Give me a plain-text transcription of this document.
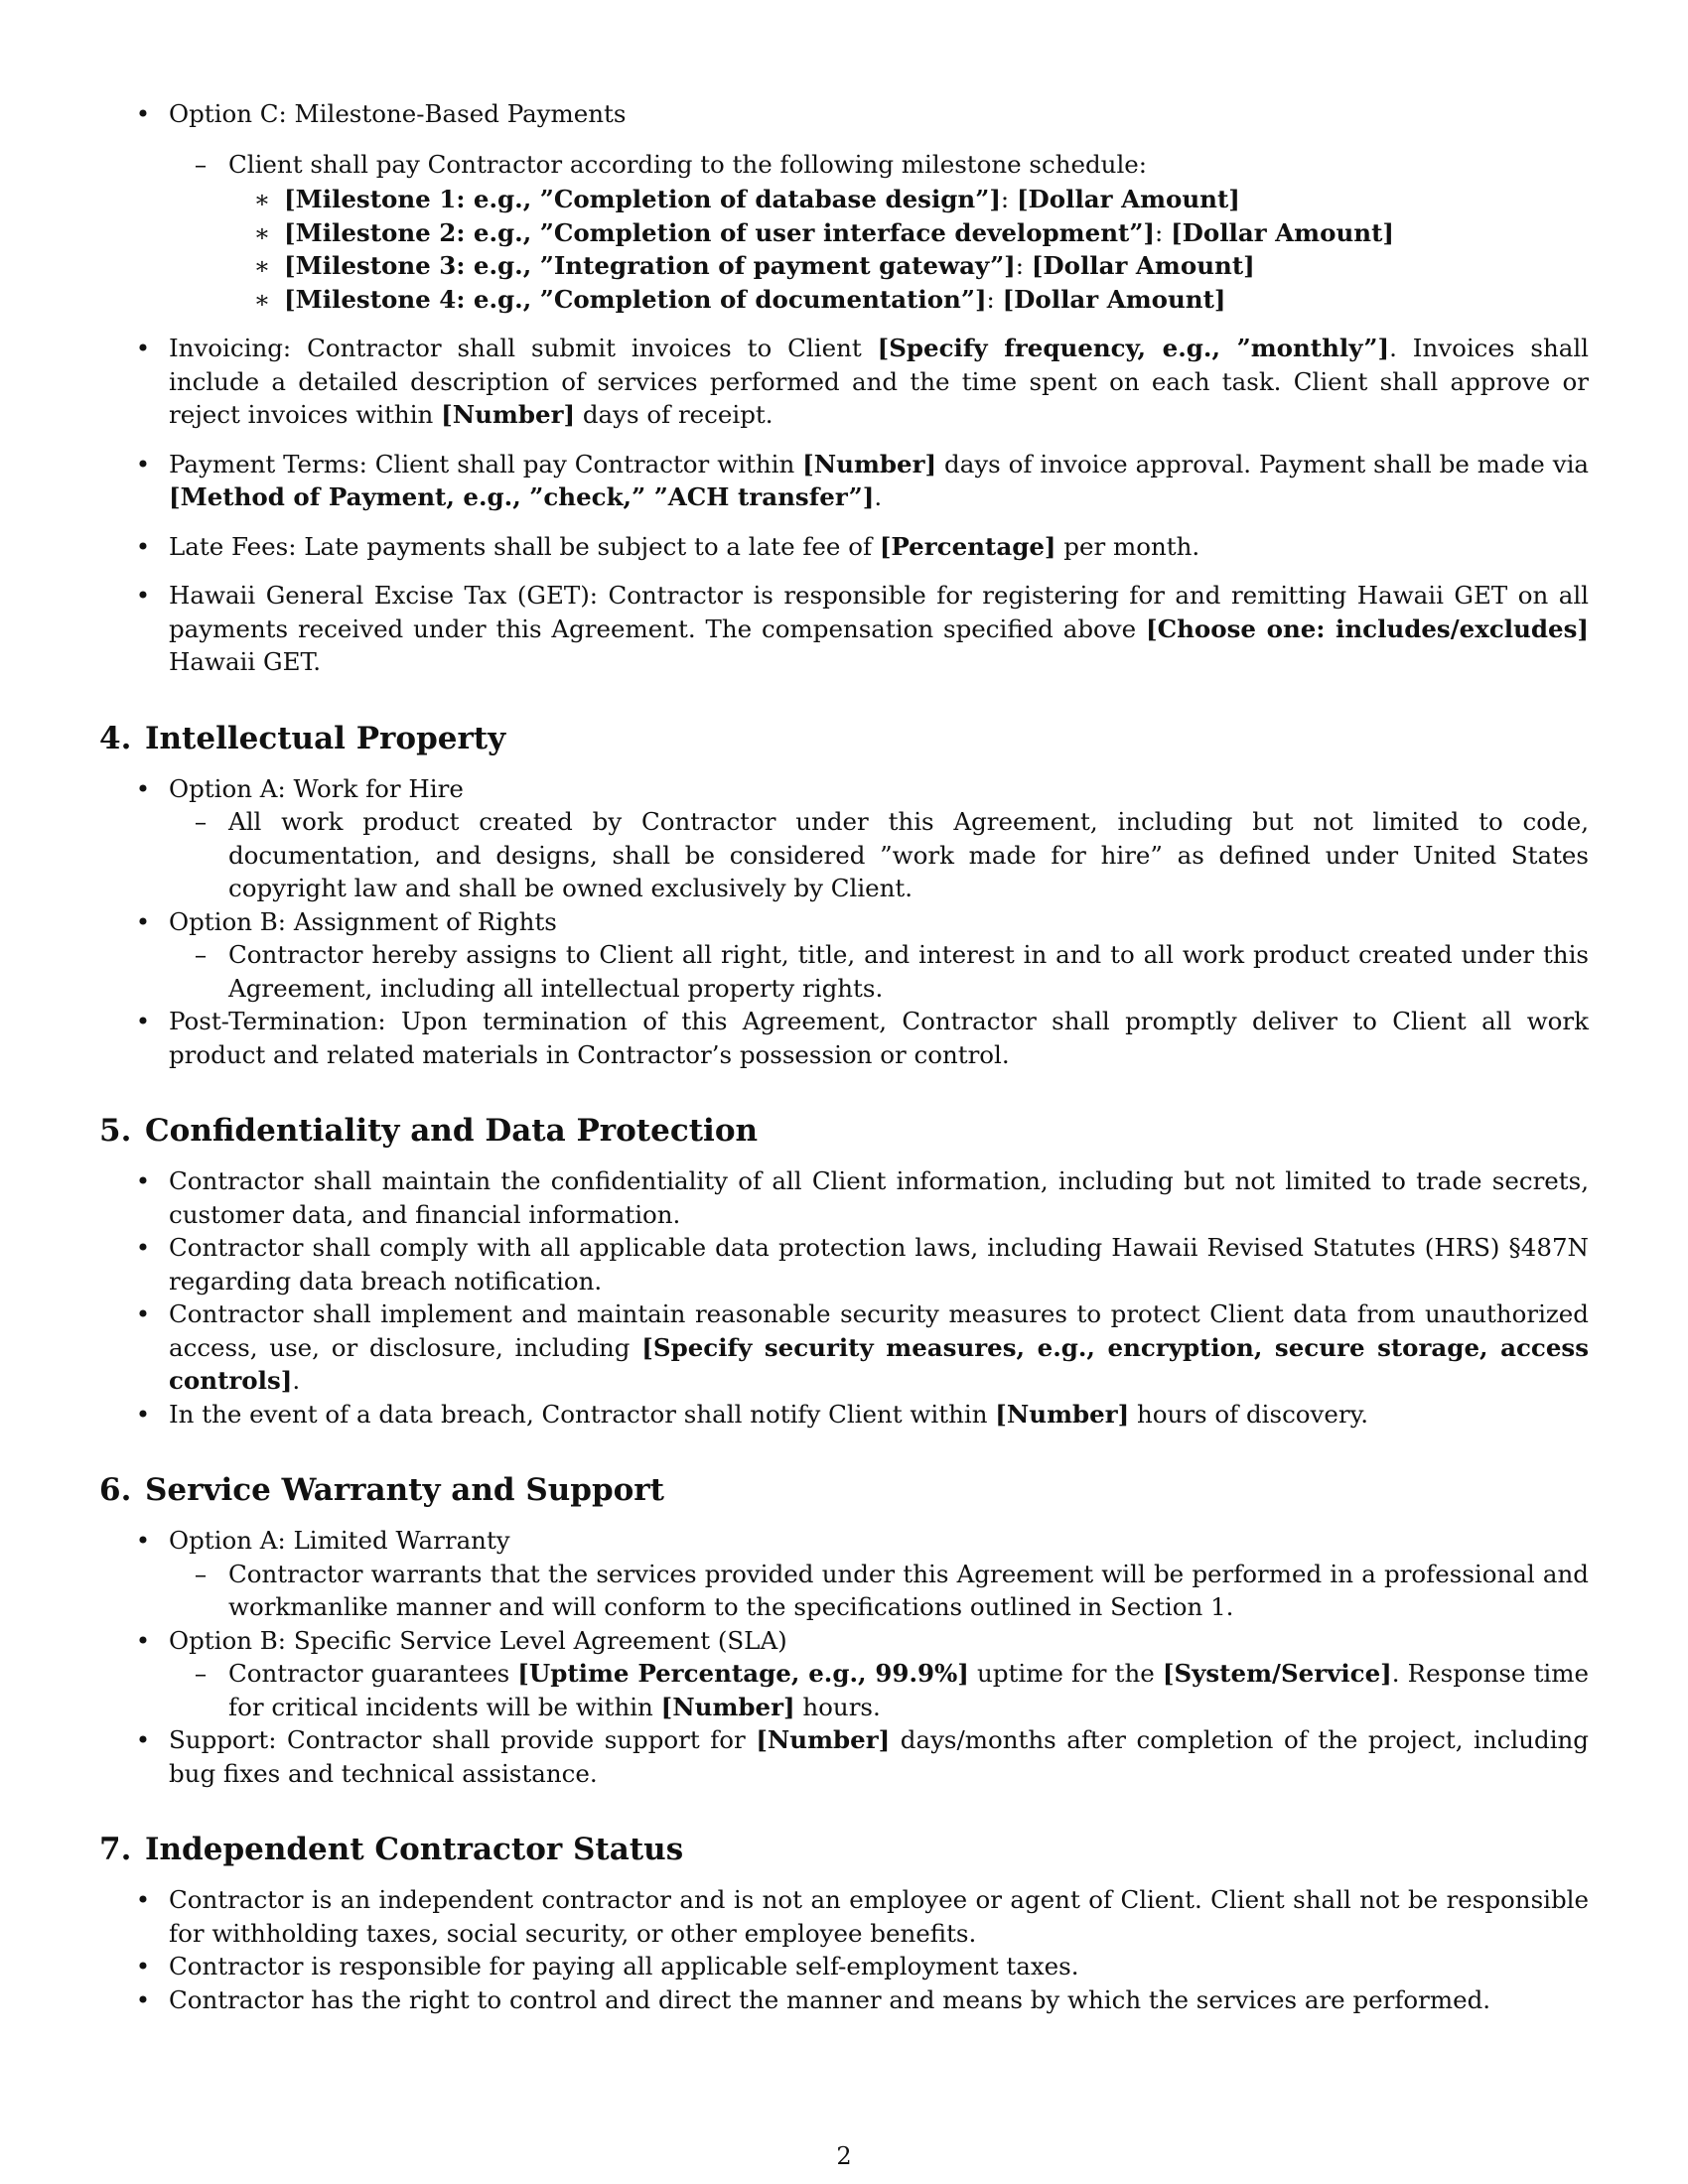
• Option C: Milestone-Based Payments
– Client shall pay Contractor according to the following milestone schedule:
∗ [Milestone 1: e.g., ”Completion of database design”]: [Dollar Amount]
∗ [Milestone 2: e.g., ”Completion of user interface development”]: [Dollar Amount]
∗ [Milestone 3: e.g., ”Integration of payment gateway”]: [Dollar Amount]
∗ [Milestone 4: e.g., ”Completion of documentation”]: [Dollar Amount]
• Invoicing: Contractor shall submit invoices to Client [Specify frequency, e.g., ”monthly”]. Invoices shall include a detailed description of services performed and the time spent on each task. Client shall approve or reject invoices within [Number] days of receipt.
• Payment Terms: Client shall pay Contractor within [Number] days of invoice approval. Payment shall be made via [Method of Payment, e.g., ”check,” ”ACH transfer”].
• Late Fees: Late payments shall be subject to a late fee of [Percentage] per month.
• Hawaii General Excise Tax (GET): Contractor is responsible for registering for and remitting Hawaii GET on all payments received under this Agreement. The compensation specified above [Choose one: includes/excludes] Hawaii GET.
4. Intellectual Property
• Option A: Work for Hire
– All work product created by Contractor under this Agreement, including but not limited to code, documentation, and designs, shall be considered ”work made for hire” as defined under United States copyright law and shall be owned exclusively by Client.
• Option B: Assignment of Rights
– Contractor hereby assigns to Client all right, title, and interest in and to all work product created under this Agreement, including all intellectual property rights.
• Post-Termination: Upon termination of this Agreement, Contractor shall promptly deliver to Client all work product and related materials in Contractor’s possession or control.
5. Confidentiality and Data Protection
• Contractor shall maintain the confidentiality of all Client information, including but not limited to trade secrets, customer data, and financial information.
• Contractor shall comply with all applicable data protection laws, including Hawaii Revised Statutes (HRS) §487N regarding data breach notification.
• Contractor shall implement and maintain reasonable security measures to protect Client data from unauthorized access, use, or disclosure, including [Specify security measures, e.g., encryption, secure storage, access controls].
• In the event of a data breach, Contractor shall notify Client within [Number] hours of discovery.
6. Service Warranty and Support
• Option A: Limited Warranty
– Contractor warrants that the services provided under this Agreement will be performed in a professional and workmanlike manner and will conform to the specifications outlined in Section 1.
• Option B: Specific Service Level Agreement (SLA)
– Contractor guarantees [Uptime Percentage, e.g., 99.9%] uptime for the [System/Service]. Response time for critical incidents will be within [Number] hours.
• Support: Contractor shall provide support for [Number] days/months after completion of the project, including bug fixes and technical assistance.
7. Independent Contractor Status
• Contractor is an independent contractor and is not an employee or agent of Client. Client shall not be responsible for withholding taxes, social security, or other employee benefits.
• Contractor is responsible for paying all applicable self-employment taxes.
• Contractor has the right to control and direct the manner and means by which the services are performed.
2
